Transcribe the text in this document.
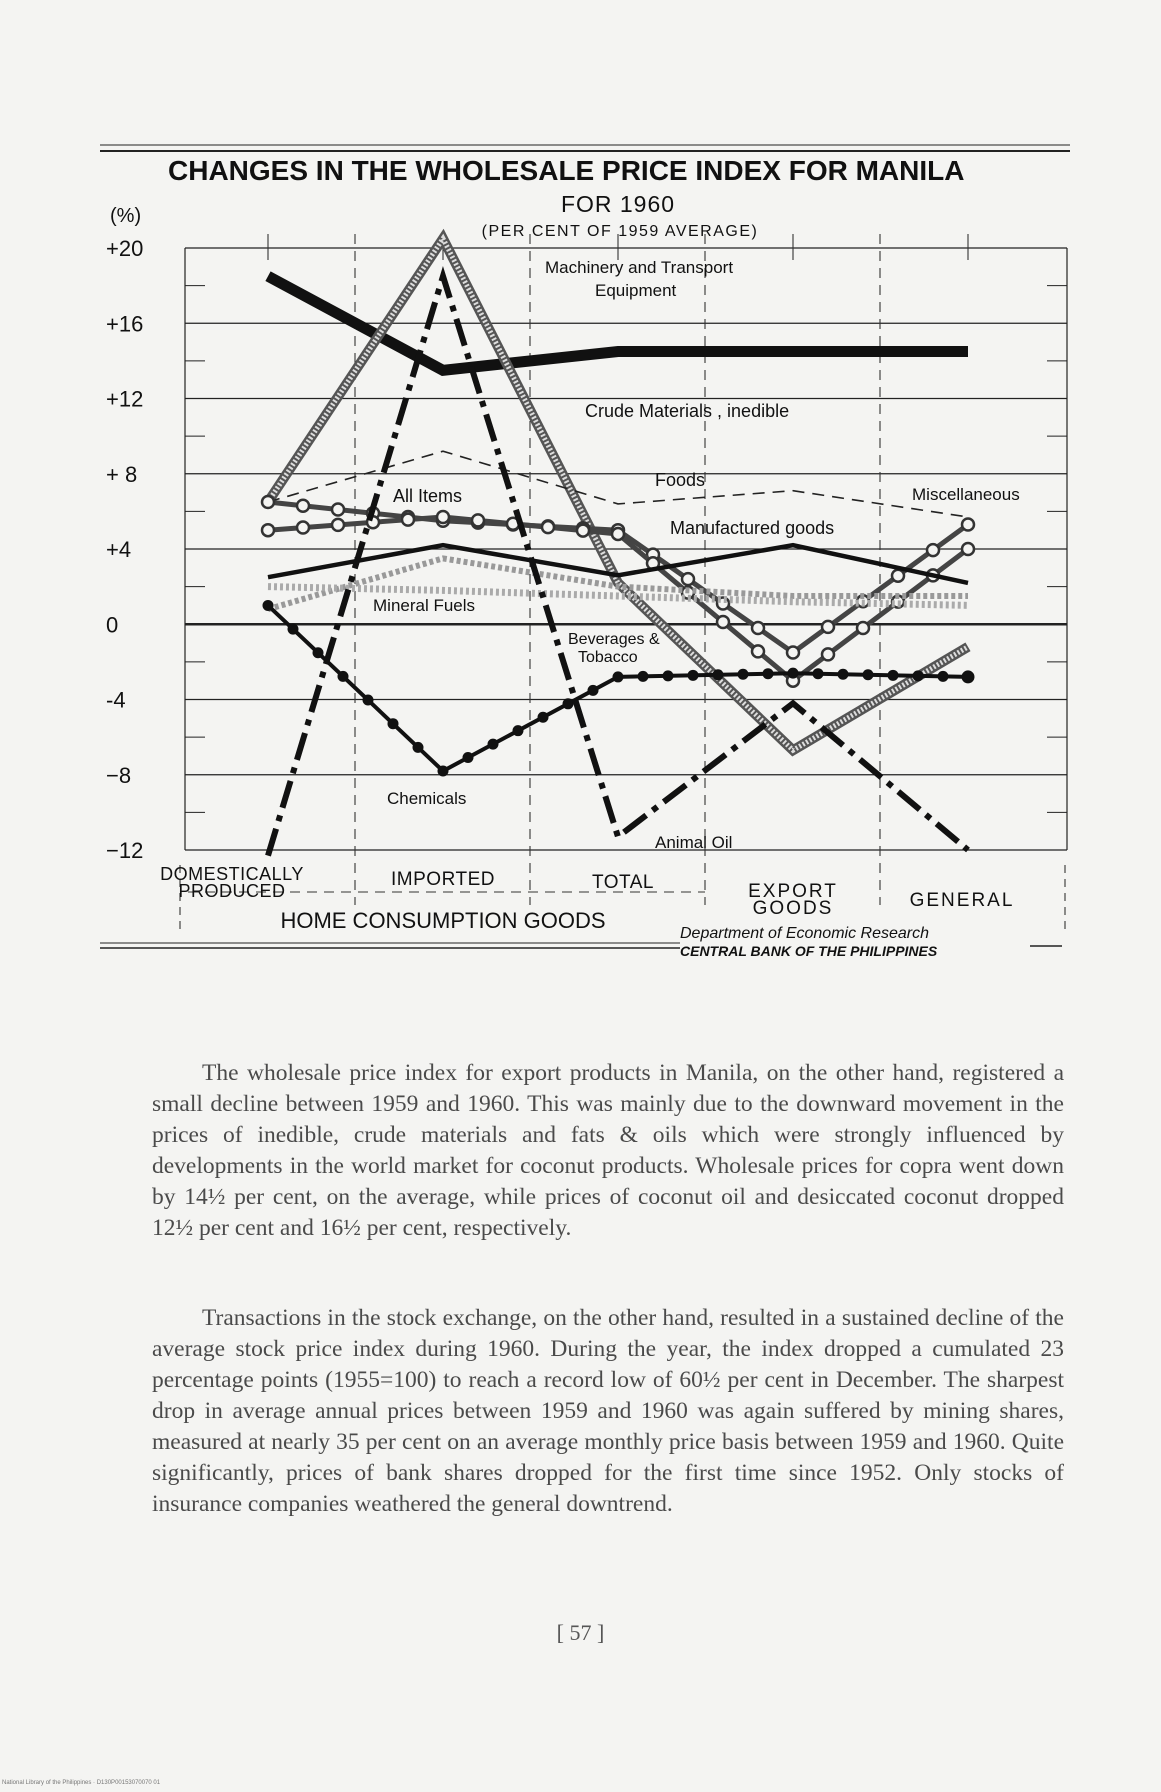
CHANGES IN THE WHOLESALE PRICE INDEX FOR MANILA
FOR 1960
(PER CENT OF 1959 AVERAGE)
(%)
+20
+16
+12
+ 8
+4
0
-4
−8
−12
DOMESTICALLY
PRODUCED
IMPORTED	TOTAL	EXPORT
GOODS	GENERAL
HOME CONSUMPTION GOODS
Department of Economic Research
CENTRAL BANK OF THE PHILIPPINES
Machinery and Transport
Equipment
Crude Materials , inedible
Foods
Miscellaneous
All Items
Manufactured goods
Mineral Fuels
Beverages &
Tobacco
Chemicals
Animal Oil

The wholesale price index for export products in Manila, on the other hand, registered a small decline between 1959 and 1960. This was mainly due to the downward movement in the prices of inedible, crude materials and fats & oils which were strongly influenced by developments in the world market for coconut products. Wholesale prices for copra went down by 14½ per cent, on the average, while prices of coconut oil and desiccated coconut dropped 12½ per cent and 16½ per cent, respectively.

Transactions in the stock exchange, on the other hand, resulted in a sustained decline of the average stock price index during 1960. During the year, the index dropped a cumulated 23 percentage points (1955=100) to reach a record low of 60½ per cent in December. The sharpest drop in average annual prices between 1959 and 1960 was again suffered by mining shares, measured at nearly 35 per cent on an average monthly price basis between 1959 and 1960. Quite significantly, prices of bank shares dropped for the first time since 1952. Only stocks of insurance companies weathered the general downtrend.

[ 57 ]
National Library of the Philippines · D130P00153070070 01
